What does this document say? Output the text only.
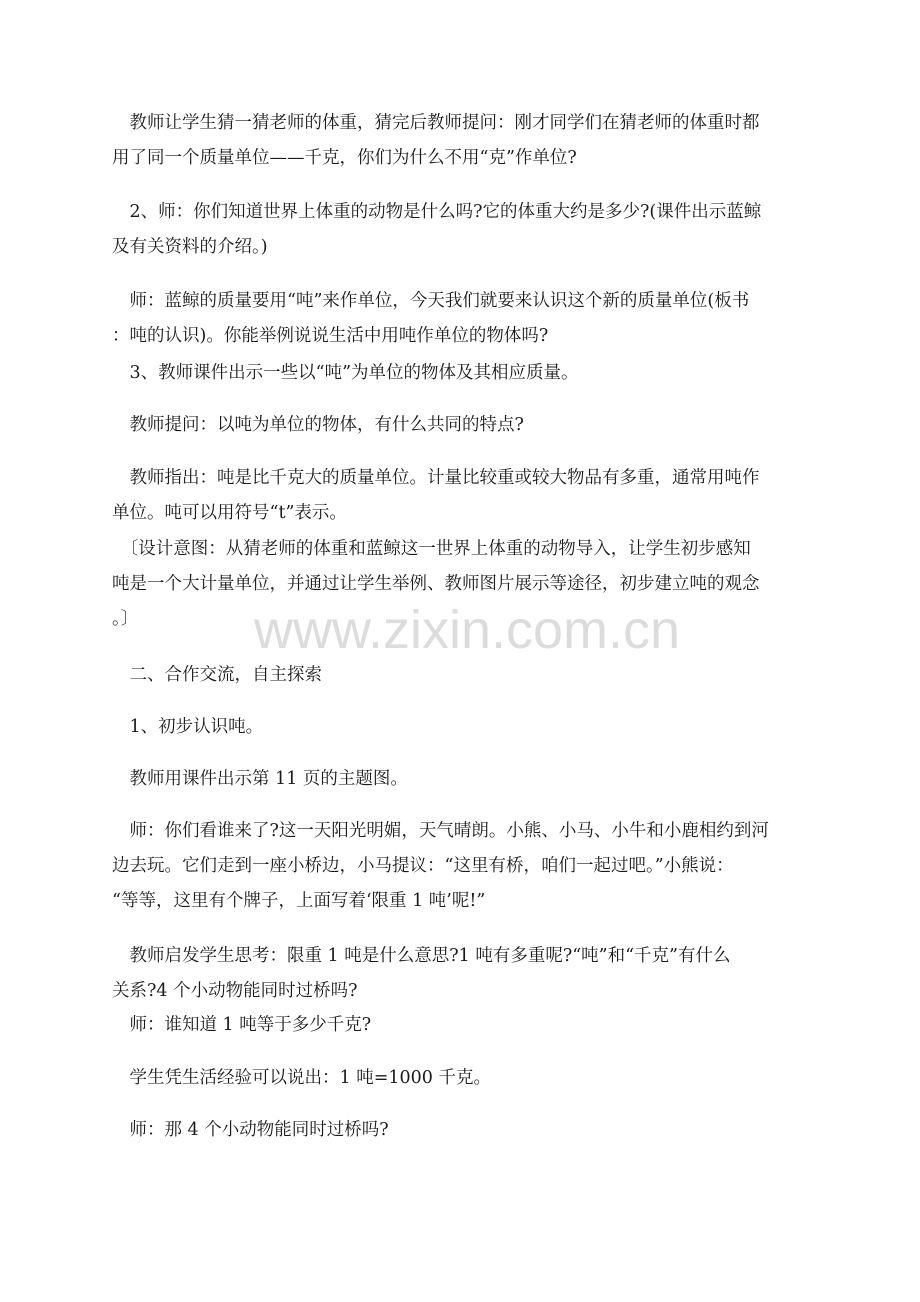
www.zixin.com.cn
　教师让学生猜一猜老师的体重，猜完后教师提问：刚才同学们在猜老师的体重时都
用了同一个质量单位——千克，你们为什么不用“克”作单位?
　2、师：你们知道世界上体重的动物是什么吗?它的体重大约是多少?(课件出示蓝鲸
及有关资料的介绍。)
　师：蓝鲸的质量要用“吨”来作单位，今天我们就要来认识这个新的质量单位(板书
：吨的认识)。你能举例说说生活中用吨作单位的物体吗?
　3、教师课件出示一些以“吨”为单位的物体及其相应质量。
　教师提问：以吨为单位的物体，有什么共同的特点?
　教师指出：吨是比千克大的质量单位。计量比较重或较大物品有多重，通常用吨作
单位。吨可以用符号“t”表示。
　〔设计意图：从猜老师的体重和蓝鲸这一世界上体重的动物导入，让学生初步感知
吨是一个大计量单位，并通过让学生举例、教师图片展示等途径，初步建立吨的观念
。〕
　二、合作交流，自主探索
　1、初步认识吨。
　教师用课件出示第 11 页的主题图。
　师：你们看谁来了?这一天阳光明媚，天气晴朗。小熊、小马、小牛和小鹿相约到河
边去玩。它们走到一座小桥边，小马提议：“这里有桥，咱们一起过吧。”小熊说：
“等等，这里有个牌子，上面写着‘限重 1 吨’呢!”
　教师启发学生思考：限重 1 吨是什么意思?1 吨有多重呢?“吨”和“千克”有什么
关系?4 个小动物能同时过桥吗?
　师：谁知道 1 吨等于多少千克?
　学生凭生活经验可以说出：1 吨=1000 千克。
　师：那 4 个小动物能同时过桥吗?
